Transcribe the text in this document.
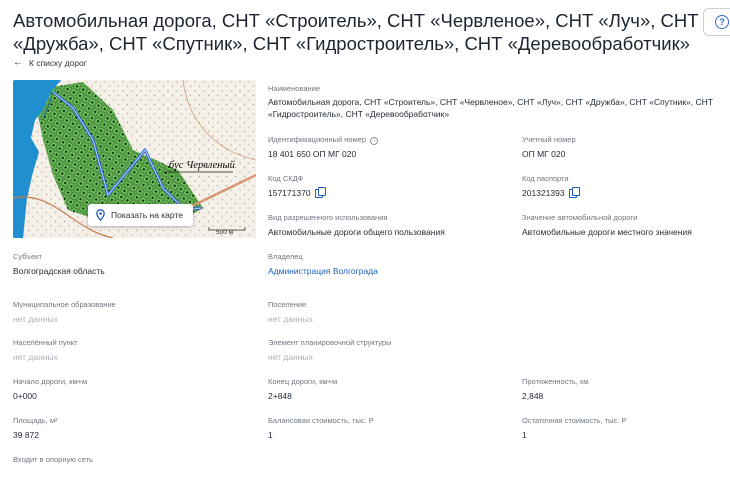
Автомобильная дорога, СНТ «Строитель», СНТ «Червленое», СНТ «Луч», СНТ «Дружба», СНТ «Спутник», СНТ «Гидростроитель», СНТ «Деревообработчик»
?
← К списку дорог
бус Червленый
500 м
Показать на карте
Наименование
Автомобильная дорога, СНТ «Строитель», СНТ «Червленое», СНТ «Луч», СНТ «Дружба», СНТ «Спутник», СНТ «Гидростроитель», СНТ «Деревообработчик»
Идентификационный номер i
18 401 650 ОП МГ 020
Учетный номер
ОП МГ 020
Код СКДФ
157171370
Код паспорта
201321393
Вид разрешенного использования
Автомобильные дороги общего пользования
Значение автомобильной дороги
Автомобильные дороги местного значения
Субъект
Волгоградская область
Владелец
Администрация Волгограда
Муниципальное образование
нет данных
Поселение
нет данных
Населённый пункт
нет данных
Элемент планировочной структуры
нет данных
Начало дороги, км+м
0+000
Конец дороги, км+м
2+848
Протяженность, км
2,848
Площадь, м²
39 872
Балансовая стоимость, тыс. Р
1
Остаточная стоимость, тыс. Р
1
Входит в опорную сеть
